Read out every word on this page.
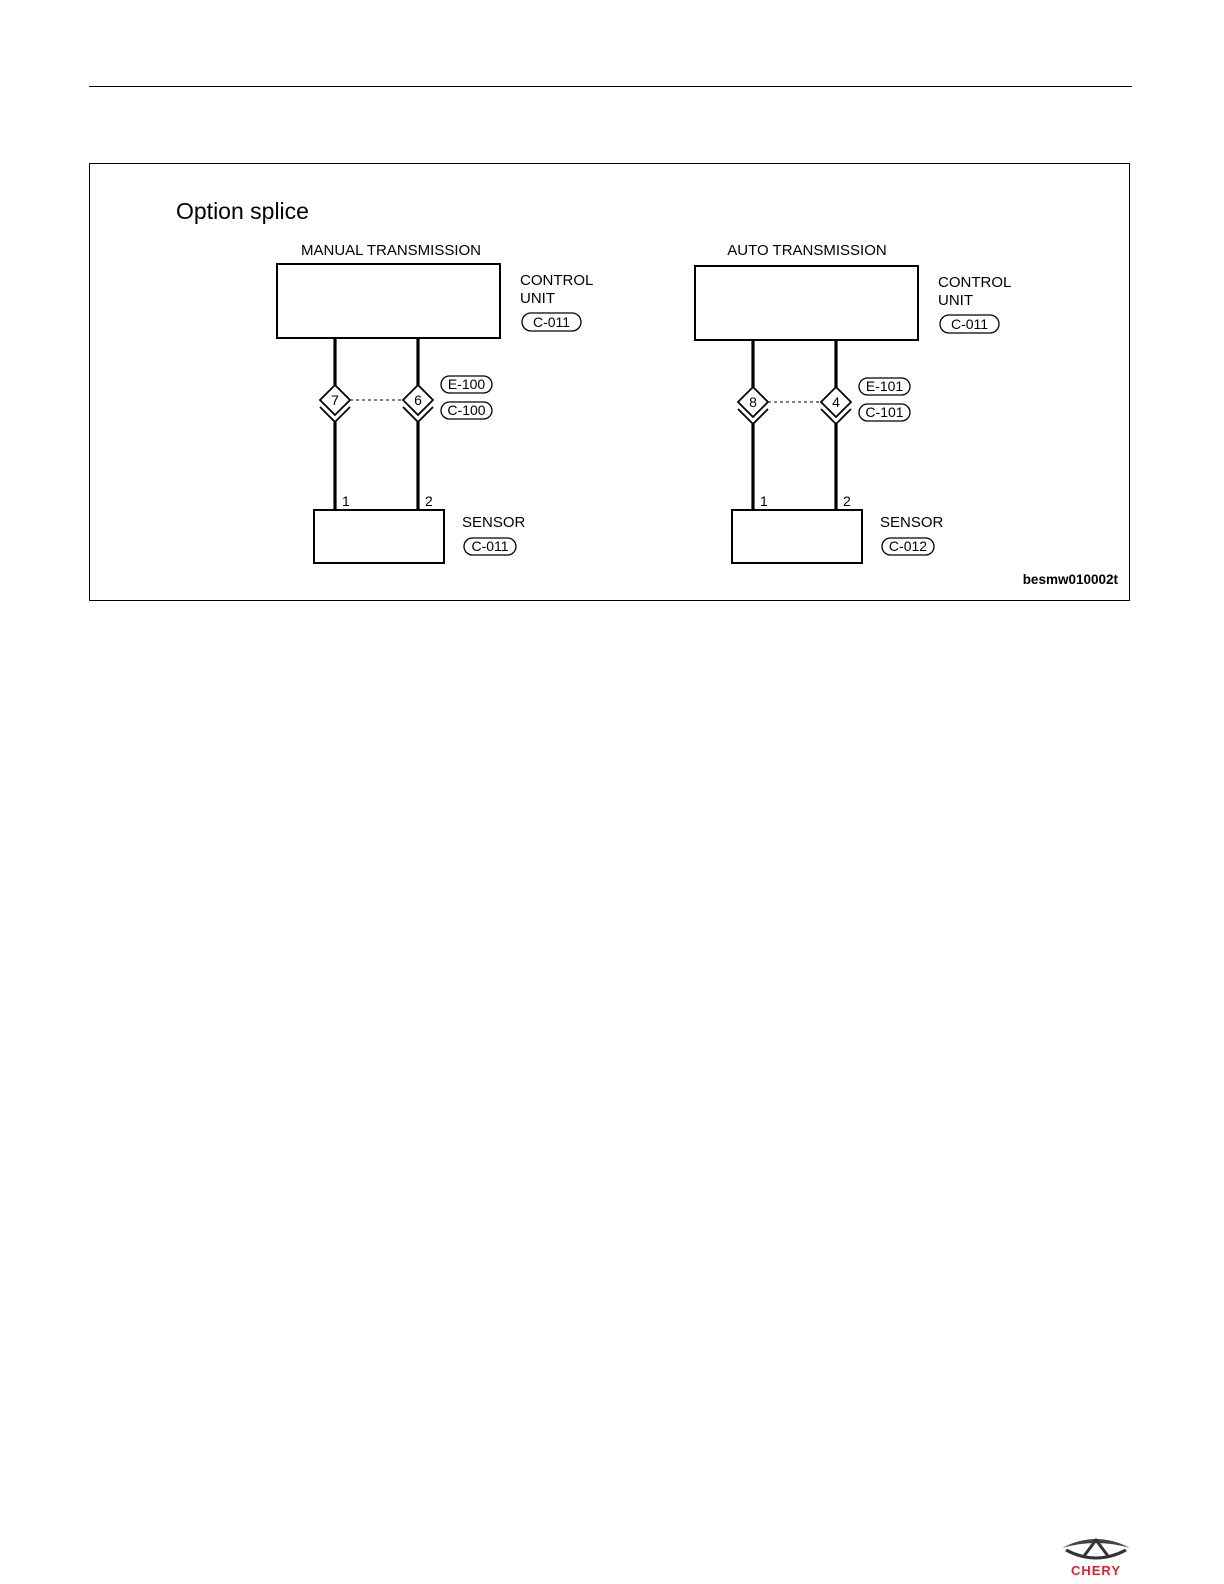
Option splice
besmw010002t
MANUAL TRANSMISSION
CONTROL
UNIT
C-011
7	6
E-100
C-100
1	2
SENSOR
C-011
AUTO TRANSMISSION
CONTROL
UNIT
C-011
8	4
E-101
C-101
1	2
SENSOR
C-012
CHERY
